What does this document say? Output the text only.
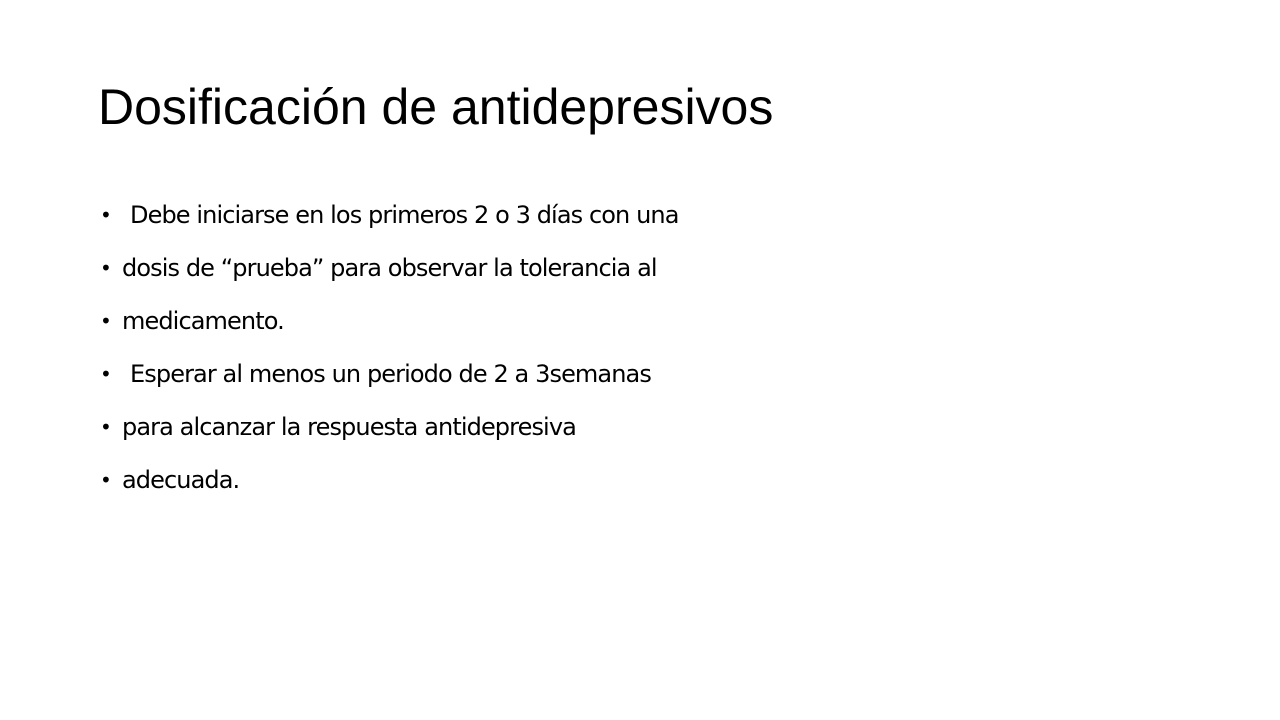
Dosificación de antidepresivos
• Debe iniciarse en los primeros 2 o 3 días con una
• dosis de “prueba” para observar la tolerancia al
• medicamento.
• Esperar al menos un periodo de 2 a 3semanas
• para alcanzar la respuesta antidepresiva
• adecuada.
